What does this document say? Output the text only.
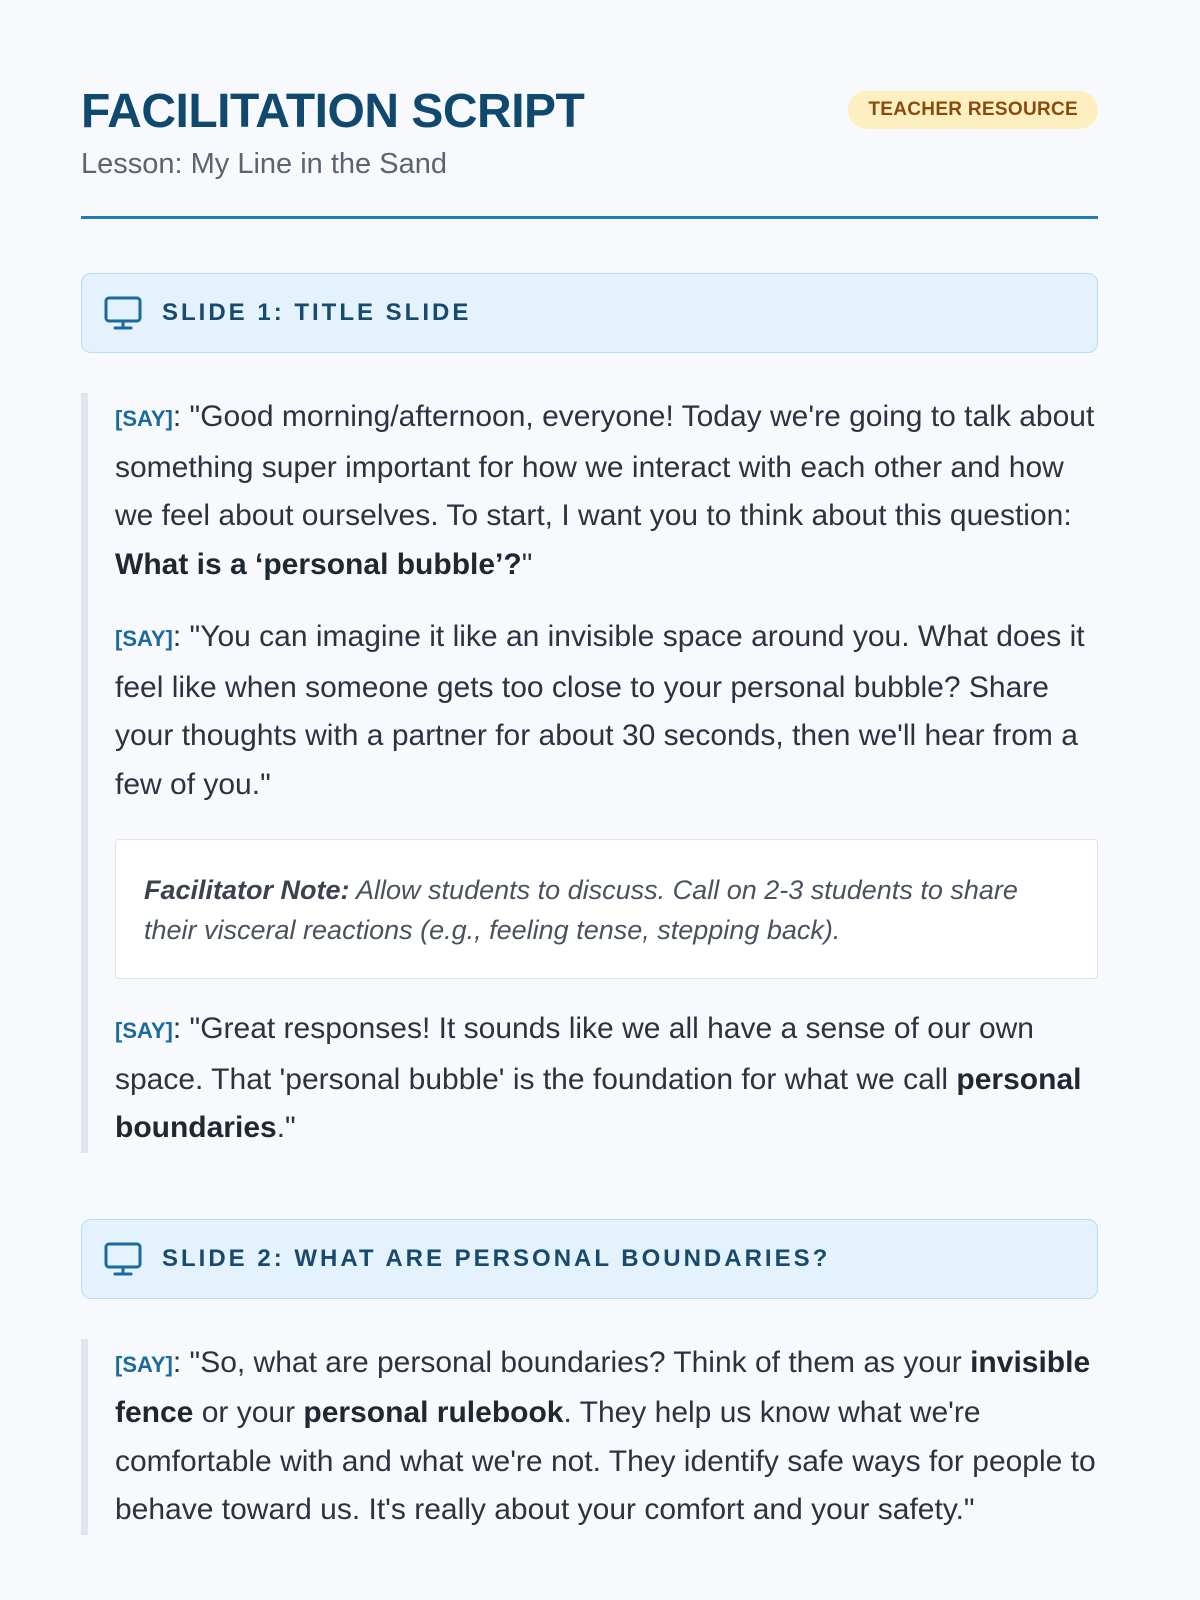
FACILITATION SCRIPT

Lesson: My Line in the Sand

TEACHER RESOURCE
SLIDE 1: TITLE SLIDE

[SAY]: "Good morning/afternoon, everyone! Today we're going to talk about something super important for how we interact with each other and how we feel about ourselves. To start, I want you to think about this question: What is a ‘personal bubble’?"

[SAY]: "You can imagine it like an invisible space around you. What does it feel like when someone gets too close to your personal bubble? Share your thoughts with a partner for about 30 seconds, then we'll hear from a few of you."

Facilitator Note: Allow students to discuss. Call on 2-3 students to share their visceral reactions (e.g., feeling tense, stepping back).

[SAY]: "Great responses! It sounds like we all have a sense of our own space. That 'personal bubble' is the foundation for what we call personal boundaries."

SLIDE 2: WHAT ARE PERSONAL BOUNDARIES?

[SAY]: "So, what are personal boundaries? Think of them as your invisible fence or your personal rulebook. They help us know what we're comfortable with and what we're not. They identify safe ways for people to behave toward us. It's really about your comfort and your safety."
